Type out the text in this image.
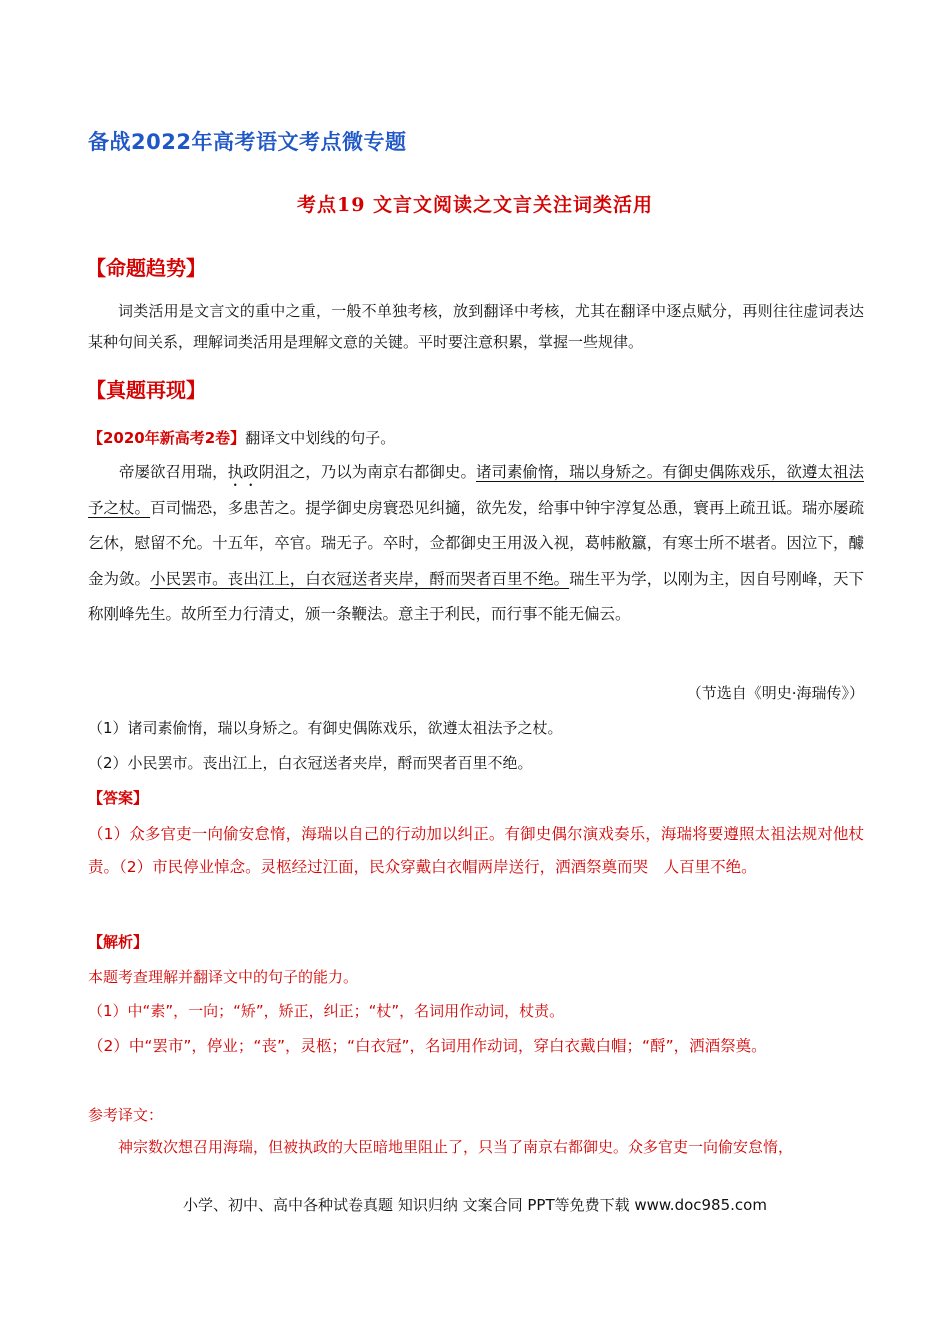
备战2022年高考语文考点微专题
考点19 文言文阅读之文言关注词类活用
【命题趋势】
词类活用是文言文的重中之重，一般不单独考核，放到翻译中考核，尤其在翻译中逐点赋分，再则往往虚词表达某种句间关系，理解词类活用是理解文意的关键。平时要注意积累，掌握一些规律。
【真题再现】
【2020年新高考2卷】翻译文中划线的句子。
帝屡欲召用瑞，执政阴沮之，乃以为南京右都御史。诸司素偷惰，瑞以身矫之。有御史偶陈戏乐，欲遵太祖法予之杖。百司惴恐，多患苦之。提学御史房寰恐见纠擿，欲先发，给事中钟宇淳复怂恿，寰再上疏丑诋。瑞亦屡疏乞休，慰留不允。十五年，卒官。瑞无子。卒时，佥都御史王用汲入视，葛帏敝籝，有寒士所不堪者。因泣下，醵金为敛。小民罢市。丧出江上，白衣冠送者夹岸，酹而哭者百里不绝。瑞生平为学，以刚为主，因自号刚峰，天下称刚峰先生。故所至力行清丈，颁一条鞭法。意主于利民，而行事不能无偏云。
（节选自《明史·海瑞传》）
（1）诸司素偷惰，瑞以身矫之。有御史偶陈戏乐，欲遵太祖法予之杖。
（2）小民罢市。丧出江上，白衣冠送者夹岸，酹而哭者百里不绝。
【答案】
（1）众多官吏一向偷安怠惰，海瑞以自己的行动加以纠正。有御史偶尔演戏奏乐，海瑞将要遵照太祖法规对他杖责。（2）市民停业悼念。灵柩经过江面，民众穿戴白衣帽两岸送行，洒酒祭奠而哭　人百里不绝。
【解析】
本题考查理解并翻译文中的句子的能力。
（1）中“素”，一向；“矫”，矫正，纠正；“杖”，名词用作动词，杖责。
（2）中“罢市”，停业；“丧”，灵柩；“白衣冠”，名词用作动词，穿白衣戴白帽；“酹”，洒酒祭奠。
参考译文：
神宗数次想召用海瑞，但被执政的大臣暗地里阻止了，只当了南京右都御史。众多官吏一向偷安怠惰，
小学、初中、高中各种试卷真题 知识归纳 文案合同 PPT等免费下载 www.doc985.com
